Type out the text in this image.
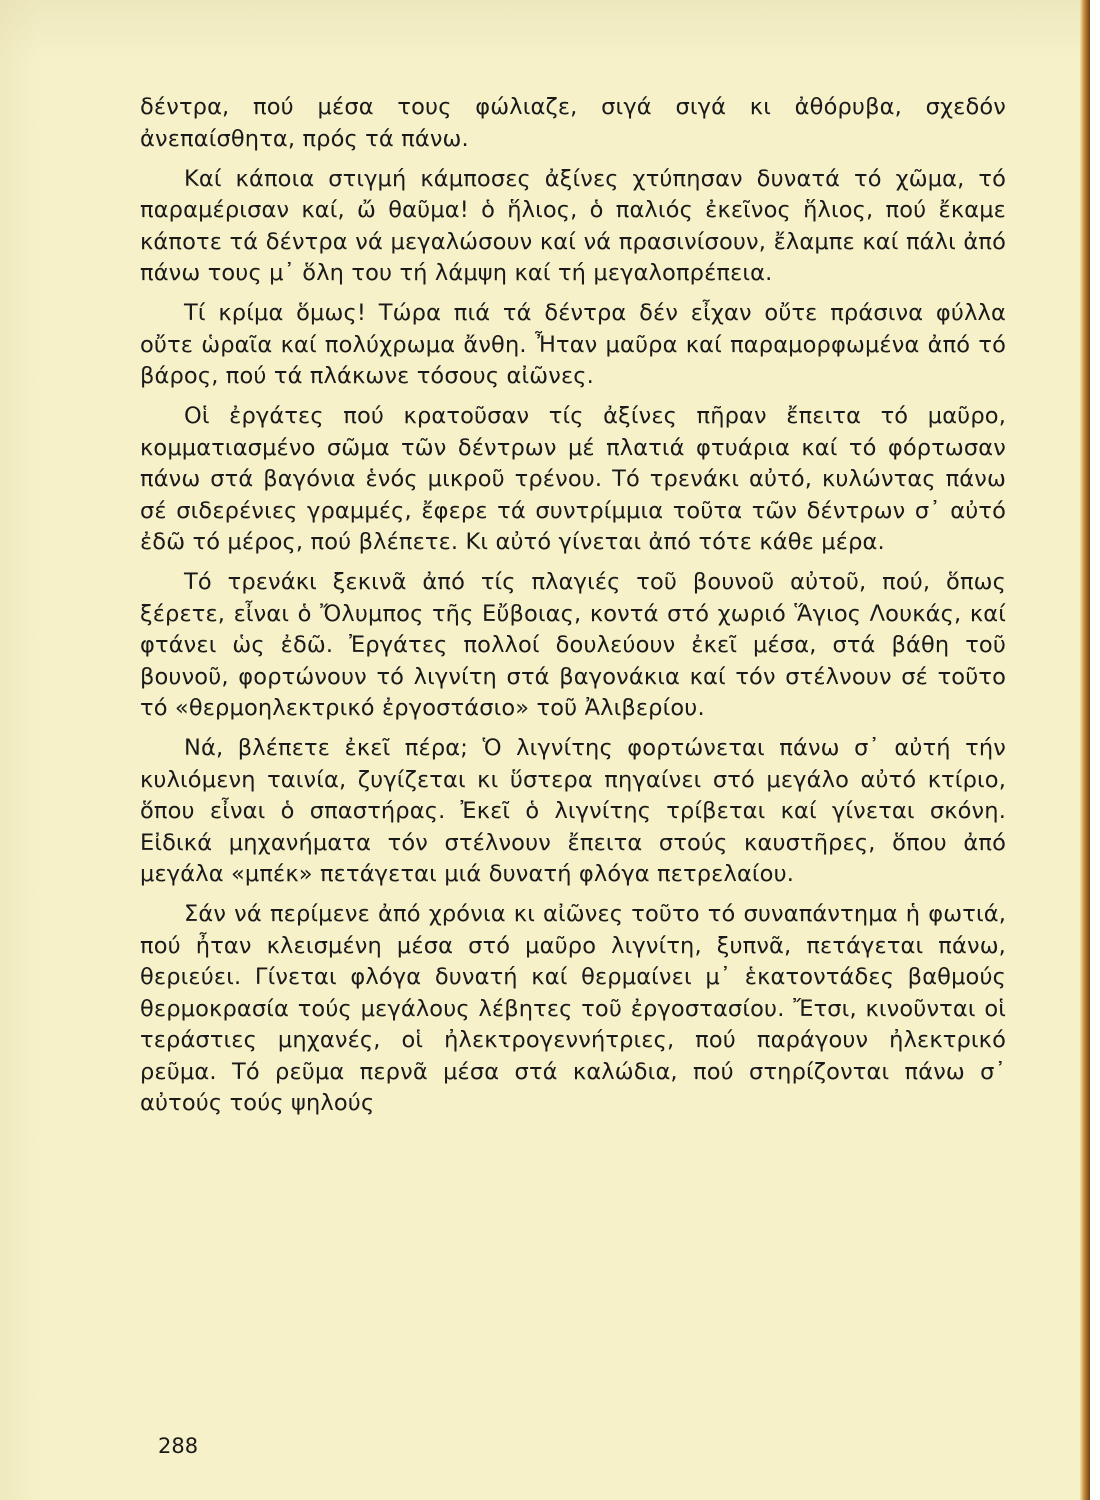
δέντρα, πού μέσα τους φώλιαζε, σιγά σιγά κι ἀθόρυβα, σχεδόν ἀνεπαίσθητα, πρός τά πάνω.

Καί κάποια στιγμή κάμποσες ἀξίνες χτύπησαν δυνατά τό χῶμα, τό παραμέρισαν καί, ὤ θαῦμα! ὁ ἥλιος, ὁ παλιός ἐκεῖνος ἥλιος, πού ἔκαμε κάποτε τά δέντρα νά μεγαλώσουν καί νά πρασινίσουν, ἔλαμπε καί πάλι ἀπό πάνω τους μ᾽ ὅλη του τή λάμψη καί τή μεγαλοπρέπεια.

Τί κρίμα ὅμως! Τώρα πιά τά δέντρα δέν εἶχαν οὔτε πράσινα φύλλα οὔτε ὡραῖα καί πολύχρωμα ἄνθη. Ἦταν μαῦρα καί παραμορφωμένα ἀπό τό βάρος, πού τά πλάκωνε τόσους αἰῶνες.

Οἱ ἐργάτες πού κρατοῦσαν τίς ἀξίνες πῆραν ἔπειτα τό μαῦρο, κομματιασμένο σῶμα τῶν δέντρων μέ πλατιά φτυάρια καί τό φόρτωσαν πάνω στά βαγόνια ἑνός μικροῦ τρένου. Τό τρενάκι αὐτό, κυλώντας πάνω σέ σιδερένιες γραμμές, ἔφερε τά συντρίμμια τοῦτα τῶν δέντρων σ᾽ αὐτό ἐδῶ τό μέρος, πού βλέπετε. Κι αὐτό γίνεται ἀπό τότε κάθε μέρα.

Τό τρενάκι ξεκινᾶ ἀπό τίς πλαγιές τοῦ βουνοῦ αὐτοῦ, πού, ὅπως ξέρετε, εἶναι ὁ Ὄλυμπος τῆς Εὔβοιας, κοντά στό χωριό Ἅγιος Λουκάς, καί φτάνει ὡς ἐδῶ. Ἐργάτες πολλοί δουλεύουν ἐκεῖ μέσα, στά βάθη τοῦ βουνοῦ, φορτώνουν τό λιγνίτη στά βαγονάκια καί τόν στέλνουν σέ τοῦτο τό «θερμοηλεκτρικό ἐργοστάσιο» τοῦ Ἀλιβερίου.

Νά, βλέπετε ἐκεῖ πέρα; Ὁ λιγνίτης φορτώνεται πάνω σ᾽ αὐτή τήν κυλιόμενη ταινία, ζυγίζεται κι ὕστερα πηγαίνει στό μεγάλο αὐτό κτίριο, ὅπου εἶναι ὁ σπαστήρας. Ἐκεῖ ὁ λιγνίτης τρίβεται καί γίνεται σκόνη. Εἰδικά μηχανήματα τόν στέλνουν ἔπειτα στούς καυστῆρες, ὅπου ἀπό μεγάλα «μπέκ» πετάγεται μιά δυνατή φλόγα πετρελαίου.

Σάν νά περίμενε ἀπό χρόνια κι αἰῶνες τοῦτο τό συναπάντημα ἡ φωτιά, πού ἦταν κλεισμένη μέσα στό μαῦρο λιγνίτη, ξυπνᾶ, πετάγεται πάνω, θεριεύει. Γίνεται φλόγα δυνατή καί θερμαίνει μ᾽ ἑκατοντάδες βαθμούς θερμοκρασία τούς μεγάλους λέβητες τοῦ ἐργοστασίου. Ἔτσι, κινοῦνται οἱ τεράστιες μηχανές, οἱ ἠλεκτρογεννήτριες, πού παράγουν ἠλεκτρικό ρεῦμα. Τό ρεῦμα περνᾶ μέσα στά καλώδια, πού στηρίζονται πάνω σ᾽ αὐτούς τούς ψηλούς

288
